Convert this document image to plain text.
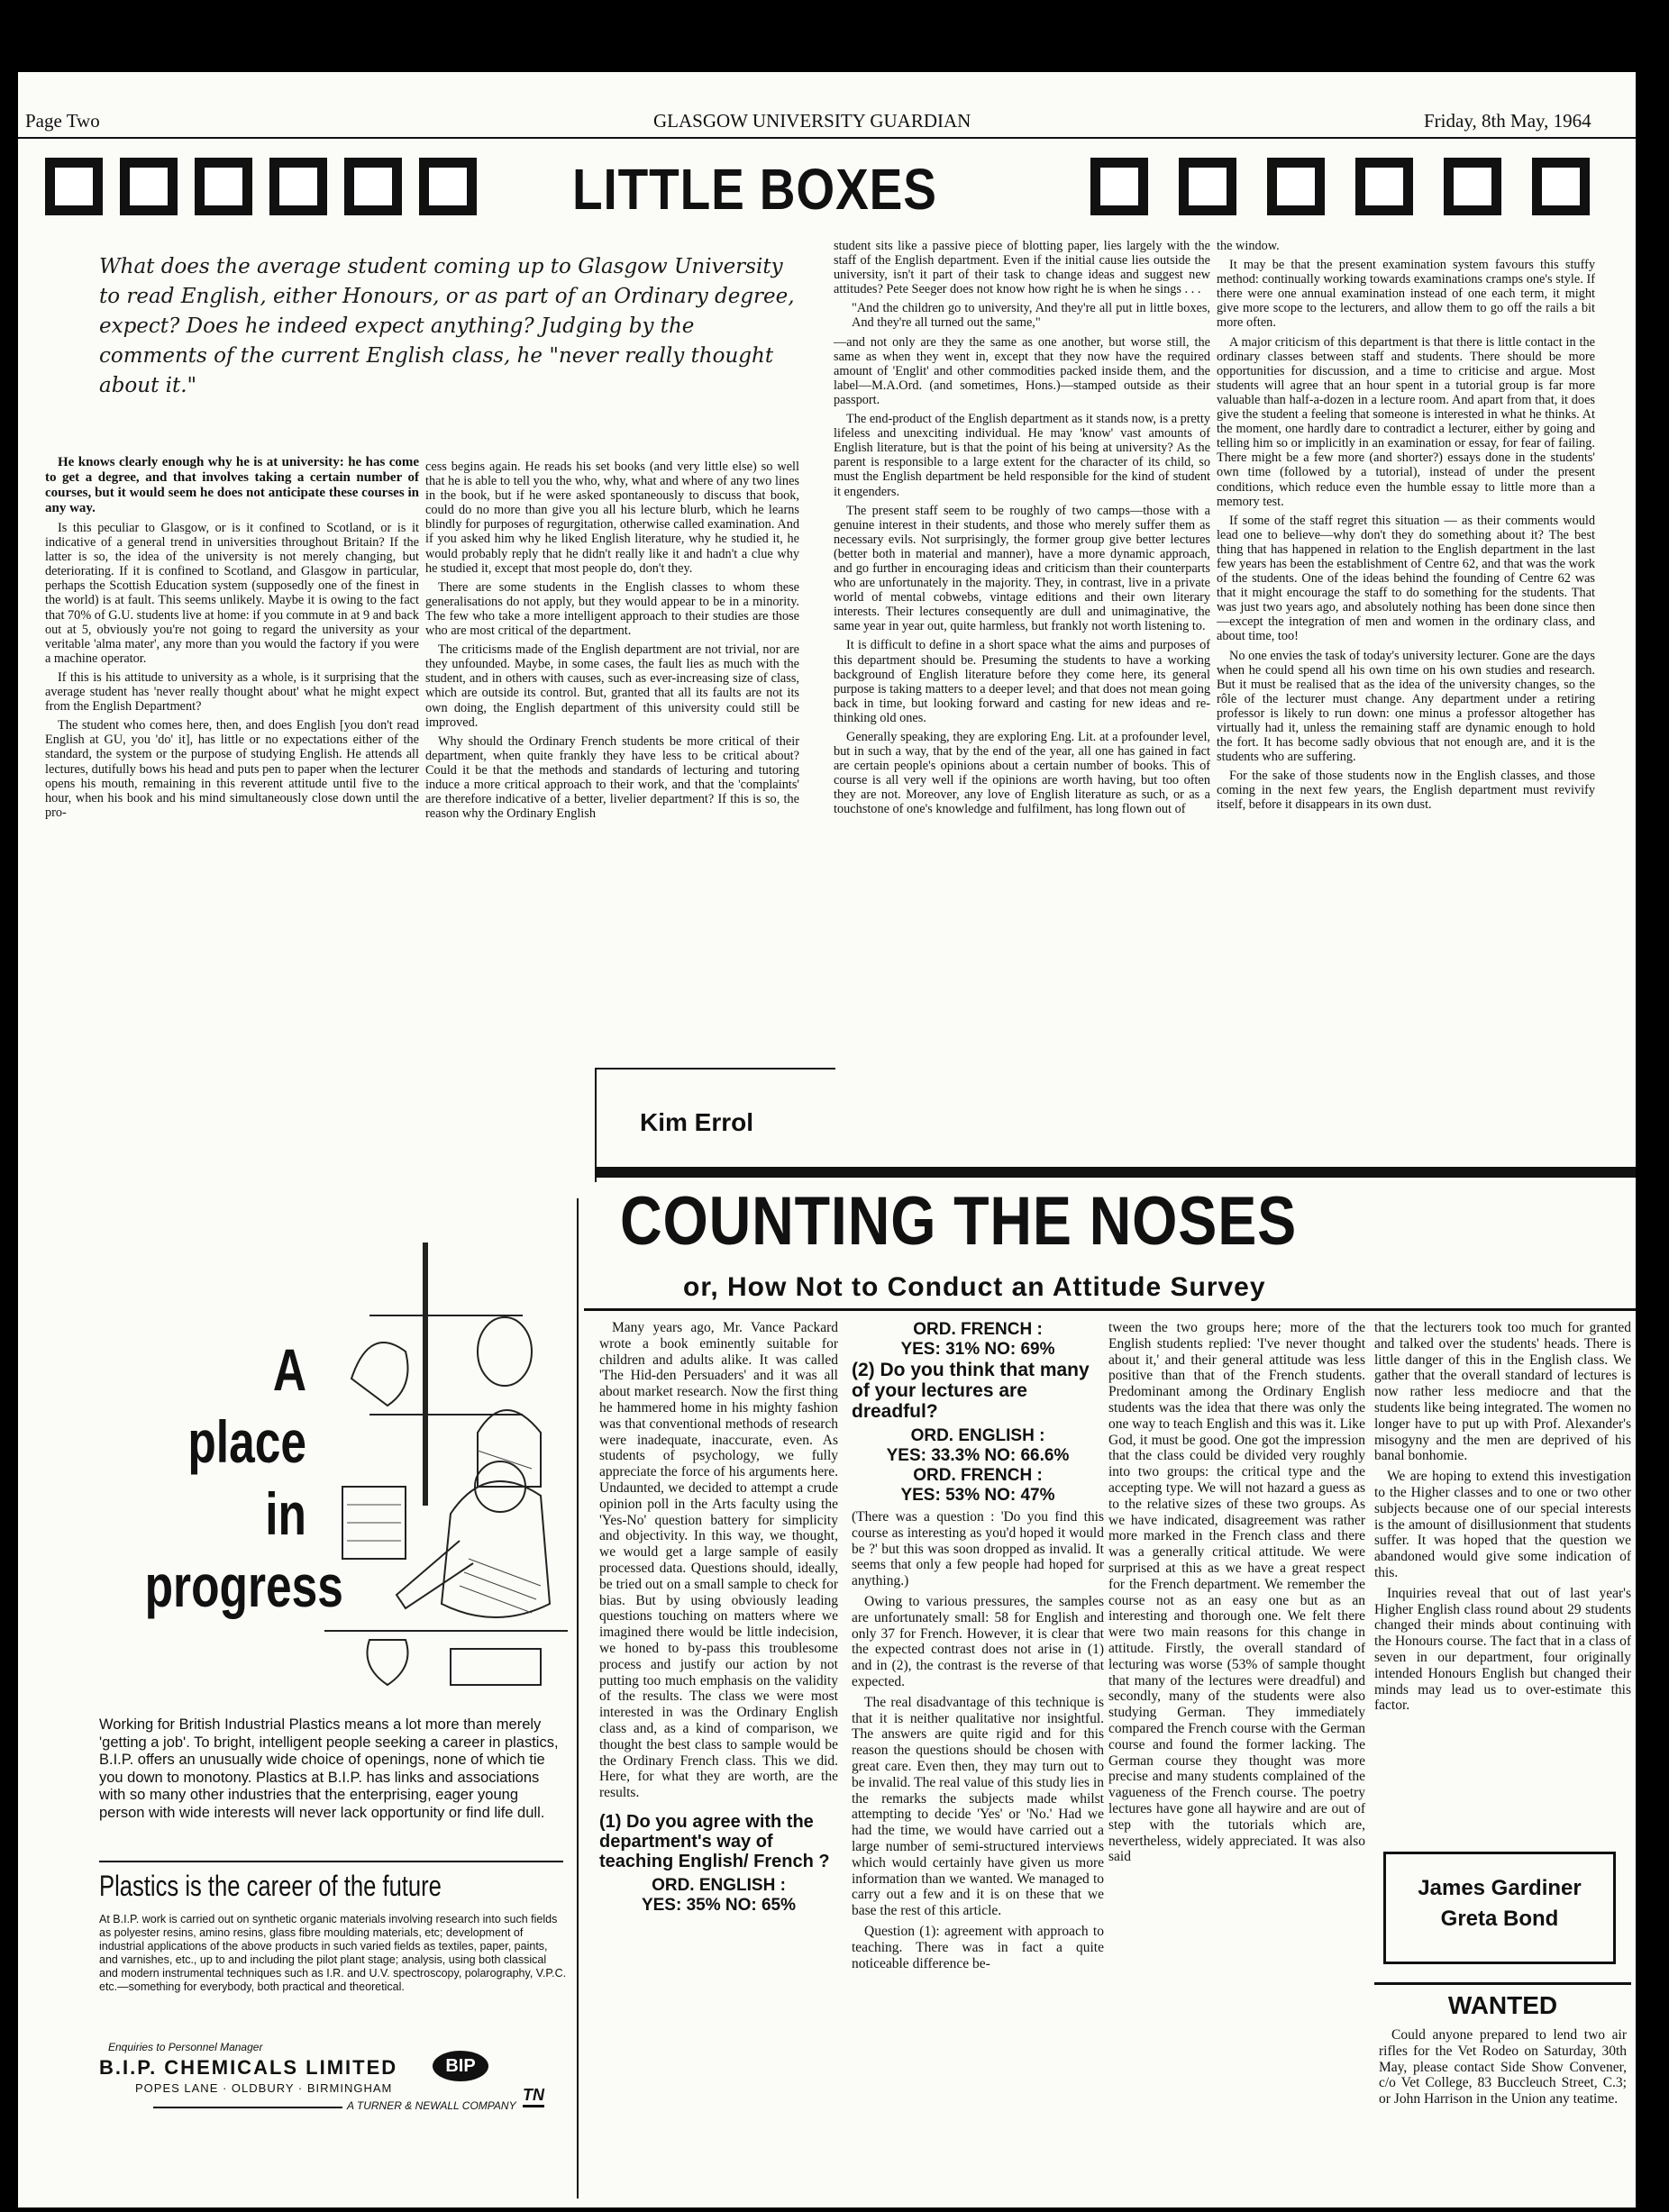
Page Two	GLASGOW UNIVERSITY GUARDIAN	Friday, 8th May, 1964
LITTLE BOXES
What does the average student coming up to Glasgow University to read English, either Honours, or as part of an Ordinary degree, expect? Does he indeed expect anything? Judging by the comments of the current English class, he "never really thought about it."

He knows clearly enough why he is at university: he has come to get a degree, and that involves taking a certain number of courses, but it would seem he does not anticipate these courses in any way.

Is this peculiar to Glasgow, or is it confined to Scotland, or is it indicative of a general trend in universities throughout Britain? If the latter is so, the idea of the university is not merely changing, but deteriorating. If it is confined to Scotland, and Glasgow in particular, perhaps the Scottish Education system (supposedly one of the finest in the world) is at fault. This seems unlikely. Maybe it is owing to the fact that 70% of G.U. students live at home: if you commute in at 9 and back out at 5, obviously you're not going to regard the university as your veritable 'alma mater', any more than you would the factory if you were a machine operator.

If this is his attitude to university as a whole, is it surprising that the average student has 'never really thought about' what he might expect from the English Department?

The student who comes here, then, and does English [you don't read English at GU, you 'do' it], has little or no expectations either of the standard, the system or the purpose of studying English. He attends all lectures, dutifully bows his head and puts pen to paper when the lecturer opens his mouth, remaining in this reverent attitude until five to the hour, when his book and his mind simultaneously close down until the pro-

cess begins again. He reads his set books (and very little else) so well that he is able to tell you the who, why, what and where of any two lines in the book, but if he were asked spontaneously to discuss that book, could do no more than give you all his lecture blurb, which he learns blindly for purposes of regurgitation, otherwise called examination. And if you asked him why he liked English literature, why he studied it, he would probably reply that he didn't really like it and hadn't a clue why he studied it, except that most people do, don't they.

There are some students in the English classes to whom these generalisations do not apply, but they would appear to be in a minority. The few who take a more intelligent approach to their studies are those who are most critical of the department.

The criticisms made of the English department are not trivial, nor are they unfounded. Maybe, in some cases, the fault lies as much with the student, and in others with causes, such as ever-increasing size of class, which are outside its control. But, granted that all its faults are not its own doing, the English department of this university could still be improved.

Why should the Ordinary French students be more critical of their department, when quite frankly they have less to be critical about? Could it be that the methods and standards of lecturing and tutoring induce a more critical approach to their work, and that the 'complaints' are therefore indicative of a better, livelier department? If this is so, the reason why the Ordinary English

student sits like a passive piece of blotting paper, lies largely with the staff of the English department. Even if the initial cause lies outside the university, isn't it part of their task to change ideas and suggest new attitudes? Pete Seeger does not know how right he is when he sings . . .

"And the children go to university, And they're all put in little boxes, And they're all turned out the same,"

—and not only are they the same as one another, but worse still, the same as when they went in, except that they now have the required amount of 'Englit' and other commodities packed inside them, and the label—M.A.Ord. (and sometimes, Hons.)—stamped outside as their passport.

The end-product of the English department as it stands now, is a pretty lifeless and unexciting individual. He may 'know' vast amounts of English literature, but is that the point of his being at university? As the parent is responsible to a large extent for the character of its child, so must the English department be held responsible for the kind of student it engenders.

The present staff seem to be roughly of two camps—those with a genuine interest in their students, and those who merely suffer them as necessary evils. Not surprisingly, the former group give better lectures (better both in material and manner), have a more dynamic approach, and go further in encouraging ideas and criticism than their counterparts who are unfortunately in the majority. They, in contrast, live in a private world of mental cobwebs, vintage editions and their own literary interests. Their lectures consequently are dull and unimaginative, the same year in year out, quite harmless, but frankly not worth listening to.

It is difficult to define in a short space what the aims and purposes of this department should be. Presuming the students to have a working background of English literature before they come here, its general purpose is taking matters to a deeper level; and that does not mean going back in time, but looking forward and casting for new ideas and re-thinking old ones.

Generally speaking, they are exploring Eng. Lit. at a profounder level, but in such a way, that by the end of the year, all one has gained in fact are certain people's opinions about a certain number of books. This of course is all very well if the opinions are worth having, but too often they are not. Moreover, any love of English literature as such, or as a touchstone of one's knowledge and fulfilment, has long flown out of

the window.

It may be that the present examination system favours this stuffy method: continually working towards examinations cramps one's style. If there were one annual examination instead of one each term, it might give more scope to the lecturers, and allow them to go off the rails a bit more often.

A major criticism of this department is that there is little contact in the ordinary classes between staff and students. There should be more opportunities for discussion, and a time to criticise and argue. Most students will agree that an hour spent in a tutorial group is far more valuable than half-a-dozen in a lecture room. And apart from that, it does give the student a feeling that someone is interested in what he thinks. At the moment, one hardly dare to contradict a lecturer, either by going and telling him so or implicitly in an examination or essay, for fear of failing. There might be a few more (and shorter?) essays done in the students' own time (followed by a tutorial), instead of under the present conditions, which reduce even the humble essay to little more than a memory test.

If some of the staff regret this situation — as their comments would lead one to believe—why don't they do something about it? The best thing that has happened in relation to the English department in the last few years has been the establishment of Centre 62, and that was the work of the students. One of the ideas behind the founding of Centre 62 was that it might encourage the staff to do something for the students. That was just two years ago, and absolutely nothing has been done since then—except the integration of men and women in the ordinary class, and about time, too!

No one envies the task of today's university lecturer. Gone are the days when he could spend all his own time on his own studies and research. But it must be realised that as the idea of the university changes, so the rôle of the lecturer must change. Any department under a retiring professor is likely to run down: one minus a professor altogether has virtually had it, unless the remaining staff are dynamic enough to hold the fort. It has become sadly obvious that not enough are, and it is the students who are suffering.

For the sake of those students now in the English classes, and those coming in the next few years, the English department must revivify itself, before it disappears in its own dust.

Kim Errol
COUNTING THE NOSES
or, How Not to Conduct an Attitude Survey

Many years ago, Mr. Vance Packard wrote a book eminently suitable for children and adults alike. It was called 'The Hid-den Persuaders' and it was all about market research. Now the first thing he hammered home in his mighty fashion was that conventional methods of research were inadequate, inaccurate, even. As students of psychology, we fully appreciate the force of his arguments here. Undaunted, we decided to attempt a crude opinion poll in the Arts faculty using the 'Yes-No' question battery for simplicity and objectivity. In this way, we thought, we would get a large sample of easily processed data. Questions should, ideally, be tried out on a small sample to check for bias. But by using obviously leading questions touching on matters where we imagined there would be little indecision, we honed to by-pass this troublesome process and justify our action by not putting too much emphasis on the validity of the results. The class we were most interested in was the Ordinary English class and, as a kind of comparison, we thought the best class to sample would be the Ordinary French class. This we did. Here, for what they are worth, are the results.

(1) Do you agree with the department's way of teaching English/ French ?

ORD. ENGLISH :
YES: 35% NO: 65%
ORD. FRENCH :
YES: 31% NO: 69%

(2) Do you think that many of your lectures are dreadful?

ORD. ENGLISH :
YES: 33.3% NO: 66.6%
ORD. FRENCH :
YES: 53% NO: 47%

(There was a question : 'Do you find this course as interesting as you'd hoped it would be ?' but this was soon dropped as invalid. It seems that only a few people had hoped for anything.)

Owing to various pressures, the samples are unfortunately small: 58 for English and only 37 for French. However, it is clear that the expected contrast does not arise in (1) and in (2), the contrast is the reverse of that expected.

The real disadvantage of this technique is that it is neither qualitative nor insightful. The answers are quite rigid and for this reason the questions should be chosen with great care. Even then, they may turn out to be invalid. The real value of this study lies in the remarks the subjects made whilst attempting to decide 'Yes' or 'No.' Had we had the time, we would have carried out a large number of semi-structured interviews which would certainly have given us more information than we wanted. We managed to carry out a few and it is on these that we base the rest of this article.

Question (1): agreement with approach to teaching. There was in fact a quite noticeable difference be-

tween the two groups here; more of the English students replied: 'I've never thought about it,' and their general attitude was less positive than that of the French students. Predominant among the Ordinary English students was the idea that there was only the one way to teach English and this was it. Like God, it must be good. One got the impression that the class could be divided very roughly into two groups: the critical type and the accepting type. We will not hazard a guess as to the relative sizes of these two groups. As we have indicated, disagreement was rather more marked in the French class and there was a generally critical attitude. We were surprised at this as we have a great respect for the French department. We remember the course not as an easy one but as an interesting and thorough one. We felt there were two main reasons for this change in attitude. Firstly, the overall standard of lecturing was worse (53% of sample thought that many of the lectures were dreadful) and secondly, many of the students were also studying German. They immediately compared the French course with the German course and found the former lacking. The German course they thought was more precise and many students complained of the vagueness of the French course. The poetry lectures have gone all haywire and are out of step with the tutorials which are, nevertheless, widely appreciated. It was also said

that the lecturers took too much for granted and talked over the students' heads. There is little danger of this in the English class. We gather that the overall standard of lectures is now rather less mediocre and that the students like being integrated. The women no longer have to put up with Prof. Alexander's misogyny and the men are deprived of his banal bonhomie.

We are hoping to extend this investigation to the Higher classes and to one or two other subjects because one of our special interests is the amount of disillusionment that students suffer. It was hoped that the question we abandoned would give some indication of this.

Inquiries reveal that out of last year's Higher English class round about 29 students changed their minds about continuing with the Honours course. The fact that in a class of seven in our department, four originally intended Honours English but changed their minds may lead us to over-estimate this factor.

James Gardiner
Greta Bond
WANTED

Could anyone prepared to lend two air rifles for the Vet Rodeo on Saturday, 30th May, please contact Side Show Convener, c/o Vet College, 83 Buccleuch Street, C.3; or John Harrison in the Union any teatime.

A place
in
progress
Working for British Industrial Plastics means a lot more than merely 'getting a job'. To bright, intelligent people seeking a career in plastics, B.I.P. offers an unusually wide choice of openings, none of which tie you down to monotony. Plastics at B.I.P. has links and associations with so many other industries that the enterprising, eager young person with wide interests will never lack opportunity or find life dull.
Plastics is the career of the future
At B.I.P. work is carried out on synthetic organic materials involving research into such fields as polyester resins, amino resins, glass fibre moulding materials, etc; development of industrial applications of the above products in such varied fields as textiles, paper, paints, and varnishes, etc., up to and including the pilot plant stage; analysis, using both classical and modern instrumental techniques such as I.R. and U.V. spectroscopy, polarography, V.P.C. etc.—something for everybody, both practical and theoretical.
Enquiries to Personnel Manager
B.I.P. CHEMICALS LIMITED	BIP
POPES LANE · OLDBURY · BIRMINGHAM
A TURNER & NEWALL COMPANY
TN
